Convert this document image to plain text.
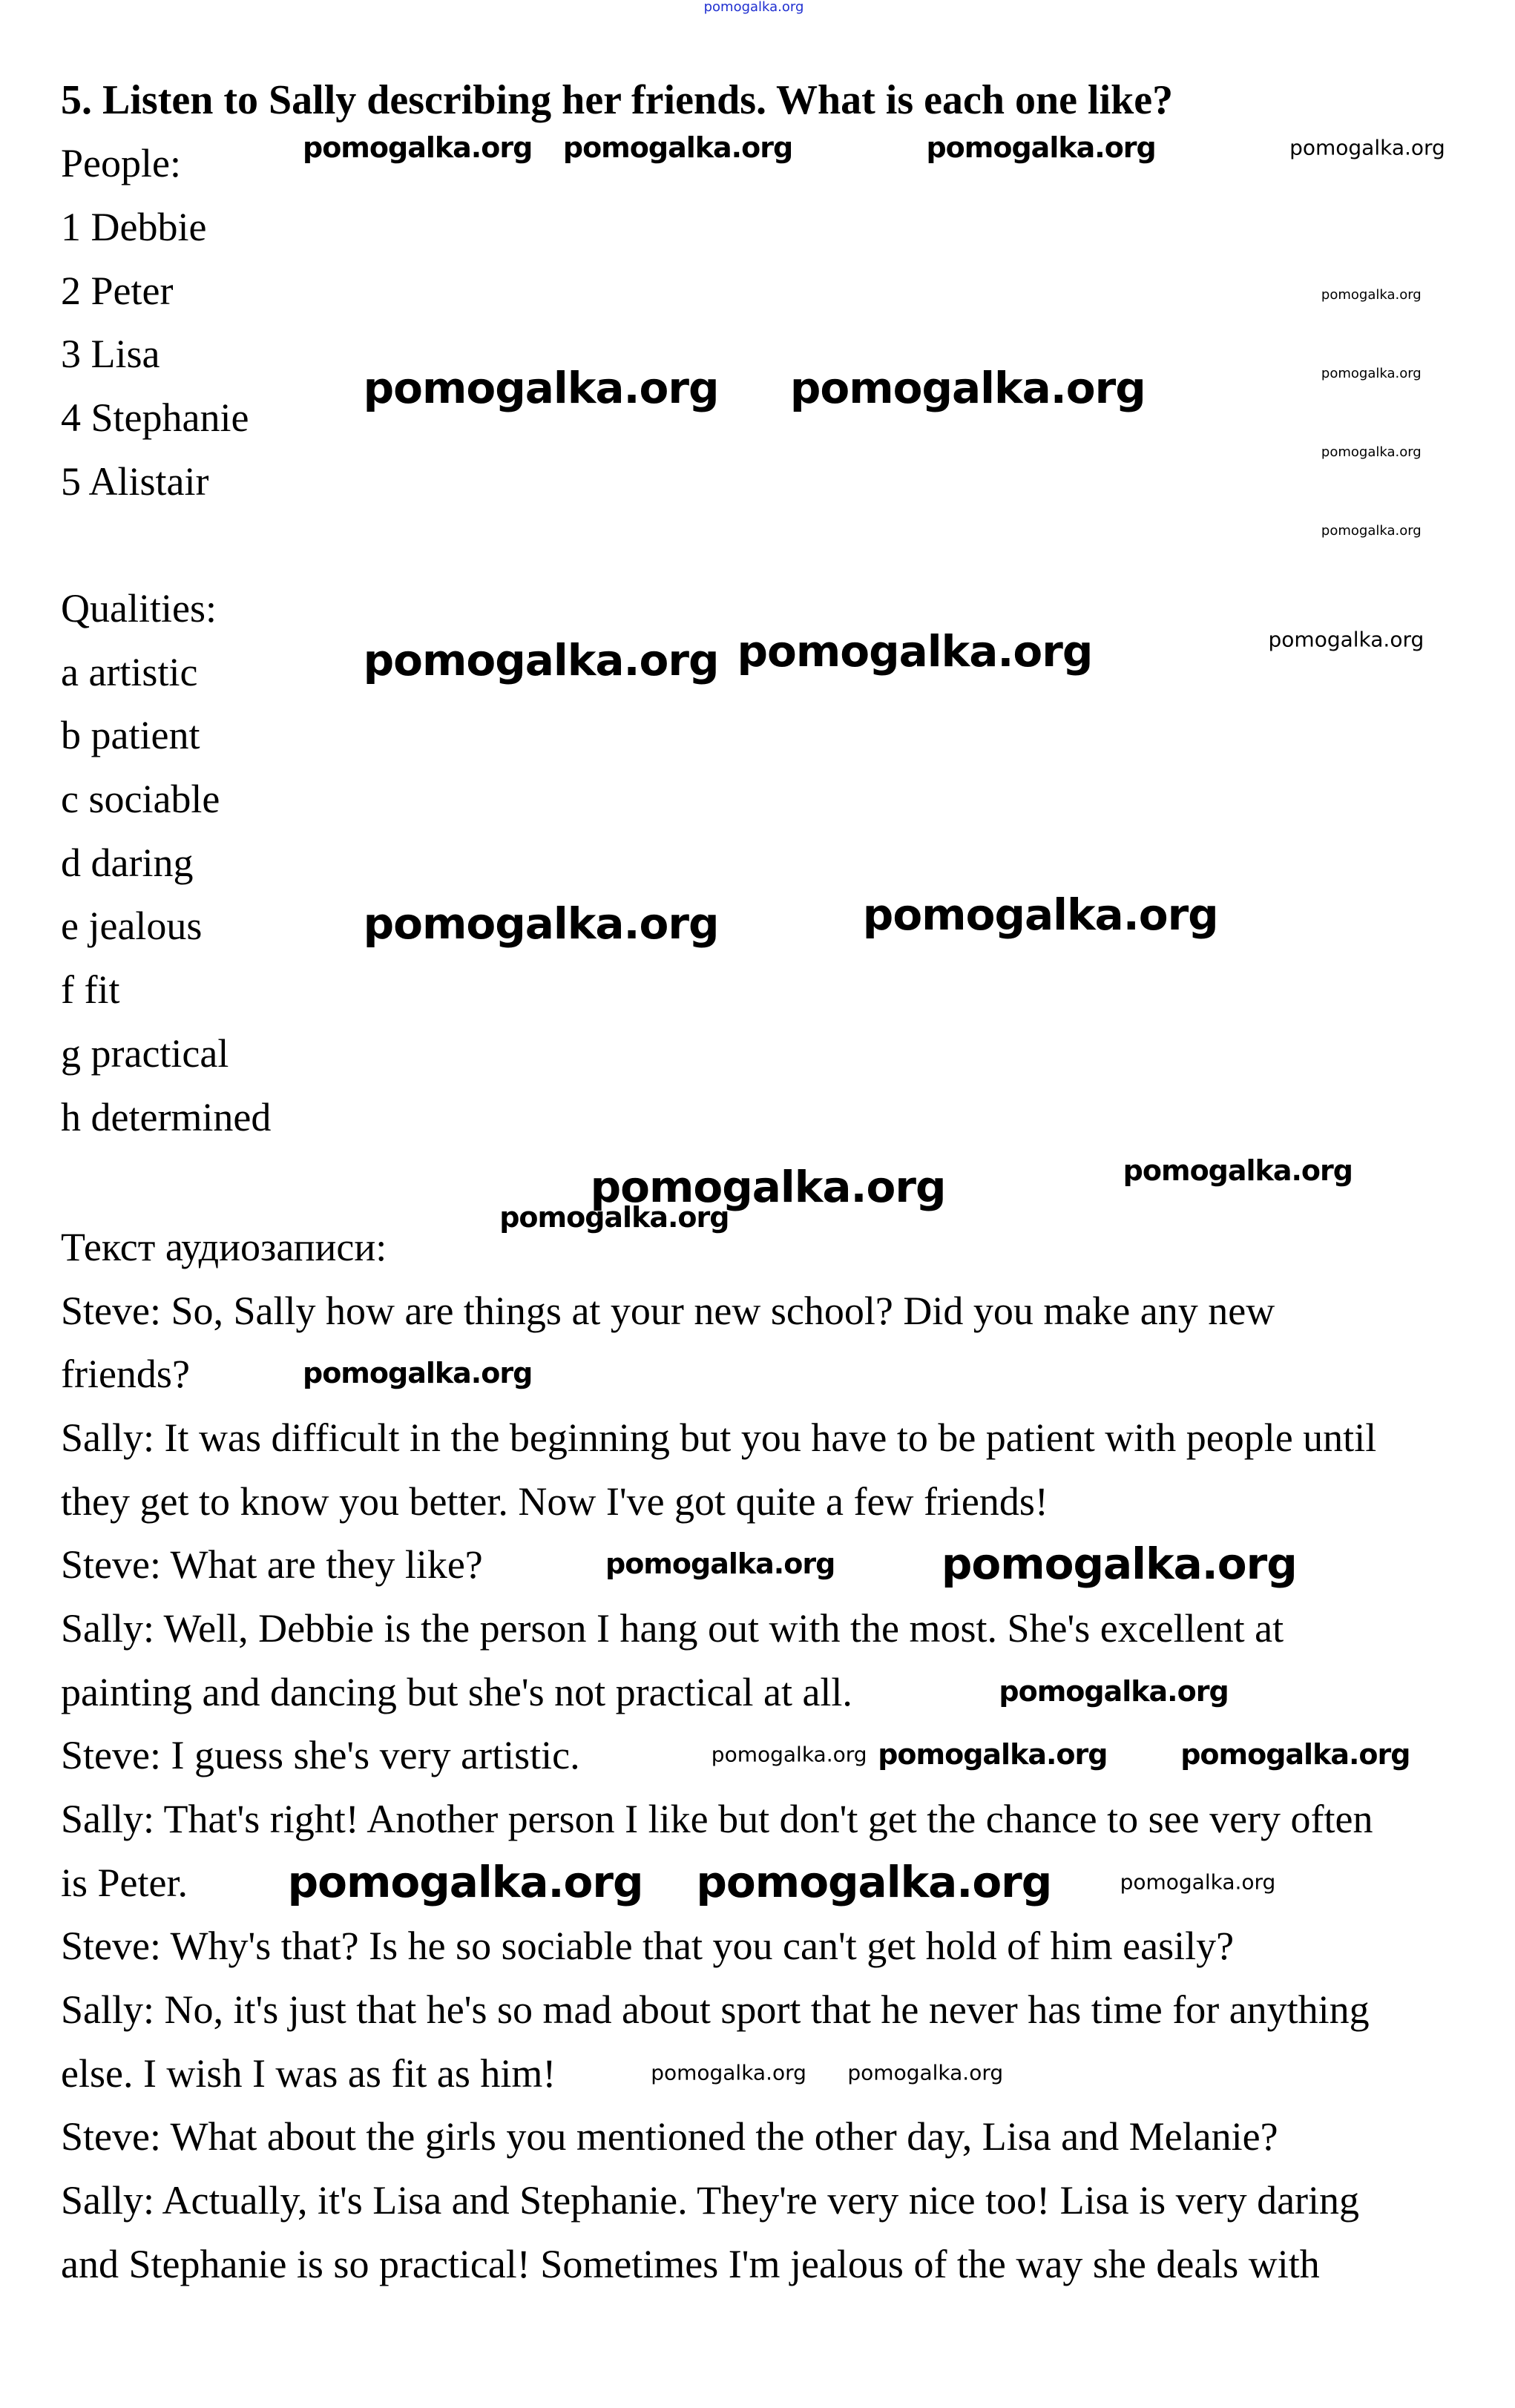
5. Listen to Sally describing her friends. What is each one like?
People:
1 Debbie
2 Peter
3 Lisa
4 Stephanie
5 Alistair
Qualities:
a artistic
b patient
c sociable
d daring
e jealous
f fit
g practical
h determined
Текст аудиозаписи:
Steve: So, Sally how are things at your new school? Did you make any new
friends?
Sally: It was difficult in the beginning but you have to be patient with people until
they get to know you better. Now I've got quite a few friends!
Steve: What are they like?
Sally: Well, Debbie is the person I hang out with the most. She's excellent at
painting and dancing but she's not practical at all.
Steve: I guess she's very artistic.
Sally: That's right! Another person I like but don't get the chance to see very often
is Peter.
Steve: Why's that? Is he so sociable that you can't get hold of him easily?
Sally: No, it's just that he's so mad about sport that he never has time for anything
else. I wish I was as fit as him!
Steve: What about the girls you mentioned the other day, Lisa and Melanie?
Sally: Actually, it's Lisa and Stephanie. They're very nice too! Lisa is very daring
and Stephanie is so practical! Sometimes I'm jealous of the way she deals with
pomogalka.org
pomogalka.org pomogalka.org	pomogalka.org	pomogalka.org
pomogalka.org
pomogalka.org
pomogalka.org
pomogalka.org
pomogalka.org pomogalka.org
pomogalka.org
pomogalka.org pomogalka.org
pomogalka.org	pomogalka.org
pomogalka.org	pomogalka.org
pomogalka.org
pomogalka.org
pomogalka.org pomogalka.org
pomogalka.org
pomogalka.org pomogalka.org	pomogalka.org
pomogalka.org pomogalka.org	pomogalka.org
pomogalka.org pomogalka.org
